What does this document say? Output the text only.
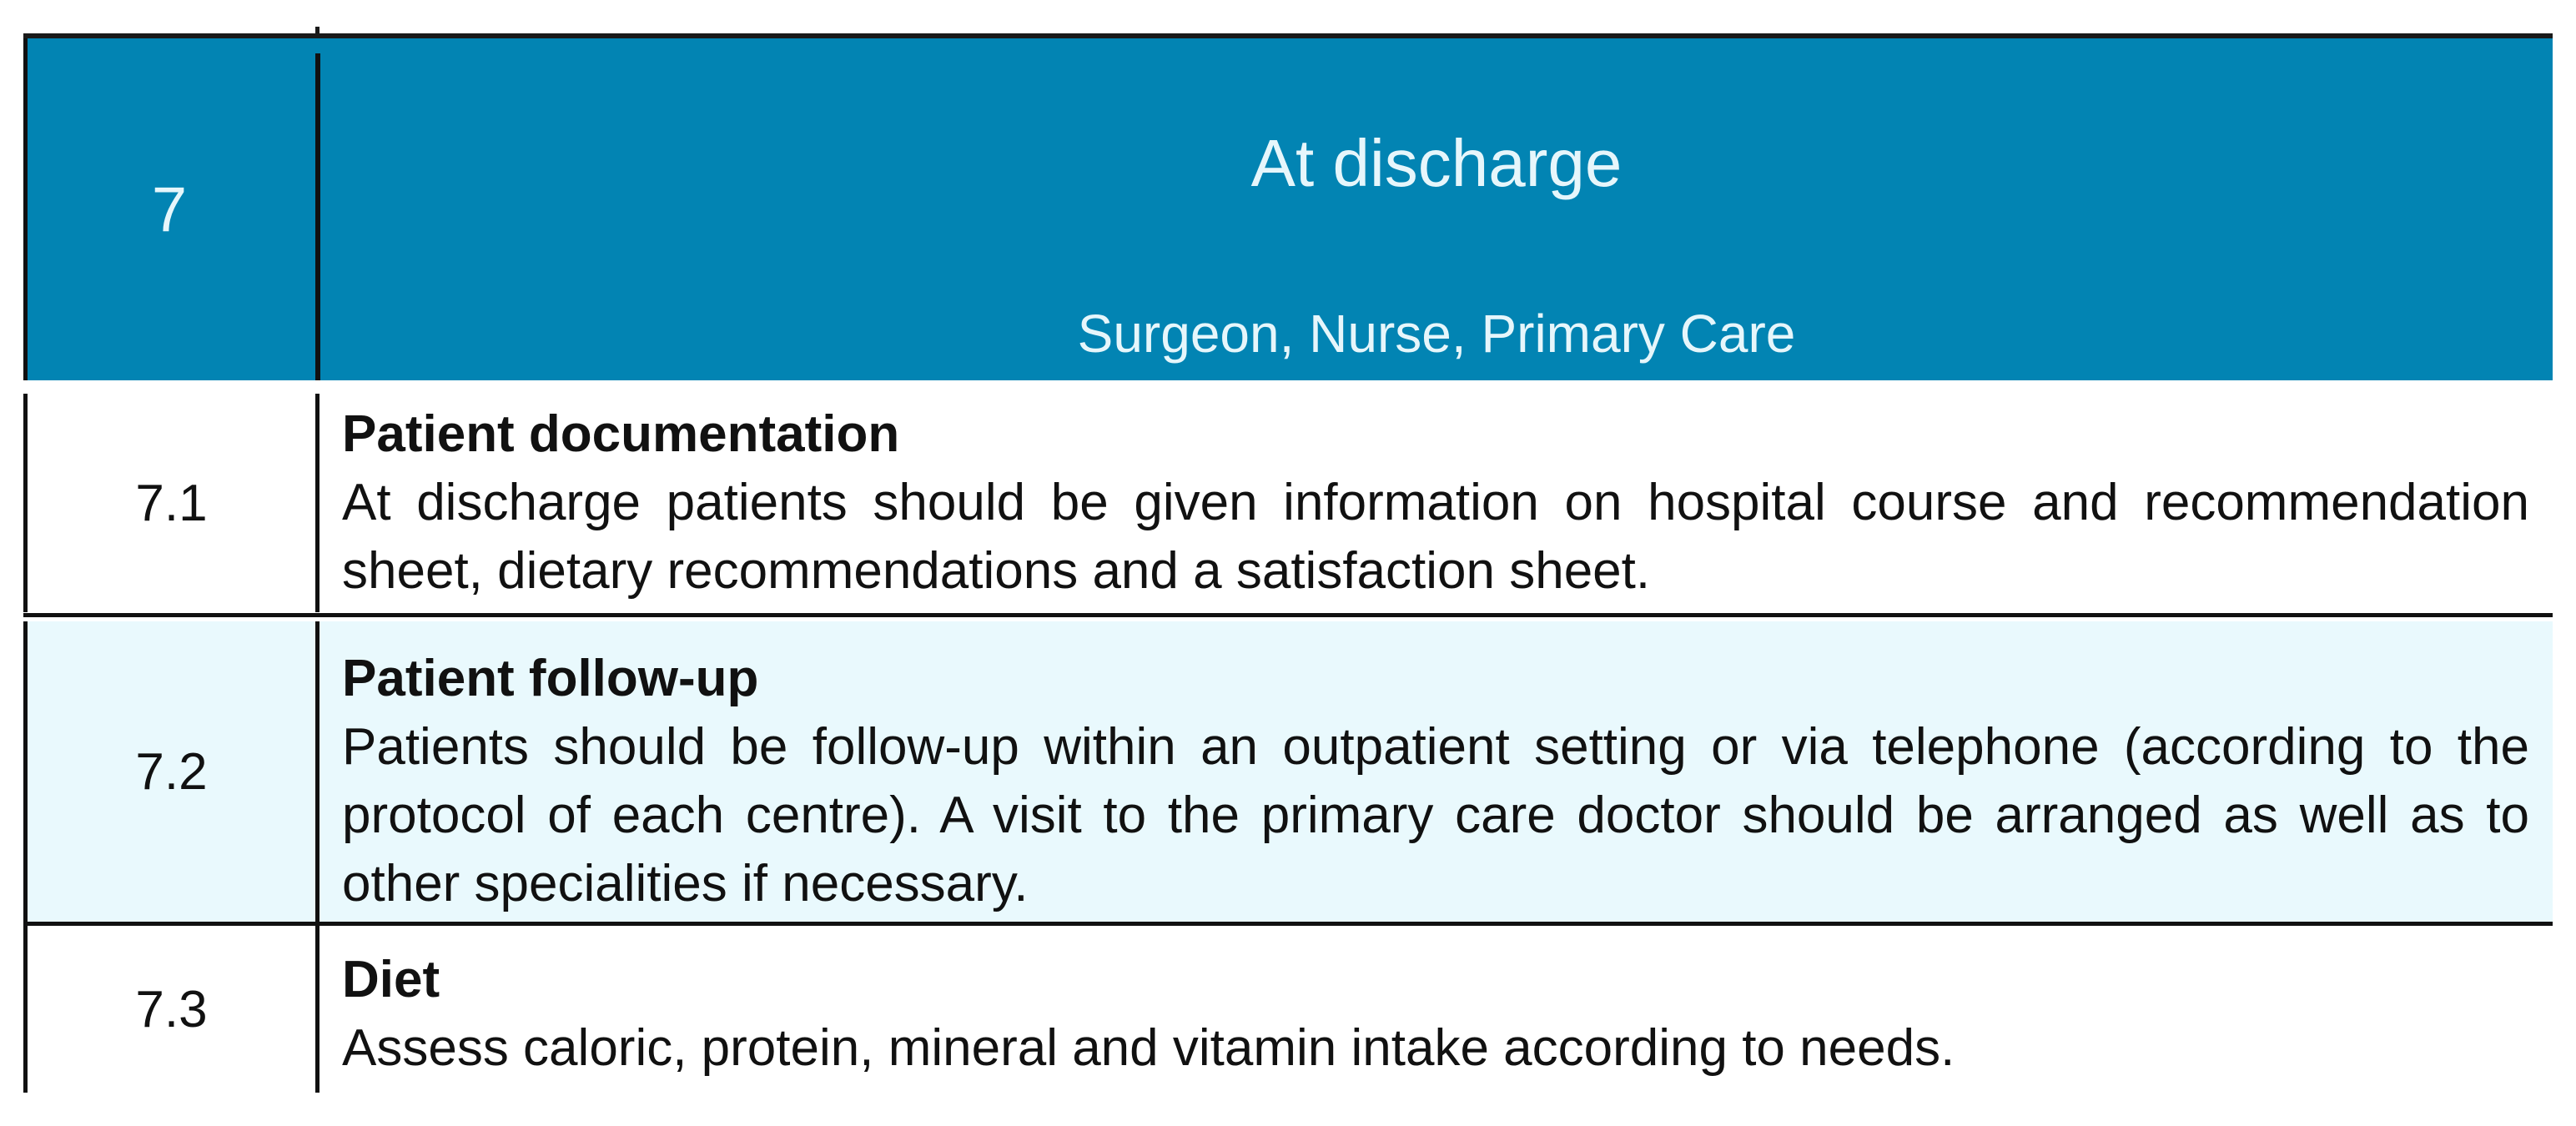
7
At discharge
Surgeon, Nurse, Primary Care
7.1
Patient documentation
At discharge patients should be given information on hospital course and recommendation sheet, dietary recommendations and a satisfaction sheet.
7.2
Patient follow-up
Patients should be follow-up within an outpatient setting or via telephone (according to the protocol of each centre). A visit to the primary care doctor should be arranged as well as to other specialities if necessary.
7.3
Diet
Assess caloric, protein, mineral and vitamin intake according to needs.
